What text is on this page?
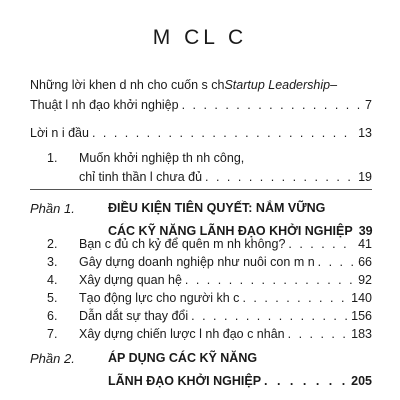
M CL C
Những lời khen d nh cho cuốn s ch Startup Leadership –
Thuật l nh đạo khởi nghiệp . . .	7
Lời n i đầu . . .	13
1.	Muốn khởi nghiệp th nh công,
chỉ tinh thần l chưa đủ . . .	19
Phần 1.	ĐIỀU KIỆN TIÊN QUYẾT: NẮM VỮNG
CÁC KỸ NĂNG LÃNH ĐẠO KHỞI NGHIỆP 39
2.	Bạn c đủ ch kỷ để quên m nh không? . . .	41
3.	Gây dựng doanh nghiệp như nuôi con m n . . .	66
4.	Xây dựng quan hệ . . .	92
5.	Tạo động lực cho người kh c . . .	140
6.	Dẫn dắt sự thay đổi . . .	156
7.	Xây dựng chiến lược l nh đạo c nhân . . .	183
Phần 2.	ÁP DỤNG CÁC KỸ NĂNG
LÃNH ĐẠO KHỞI NGHIỆP . . .	205
